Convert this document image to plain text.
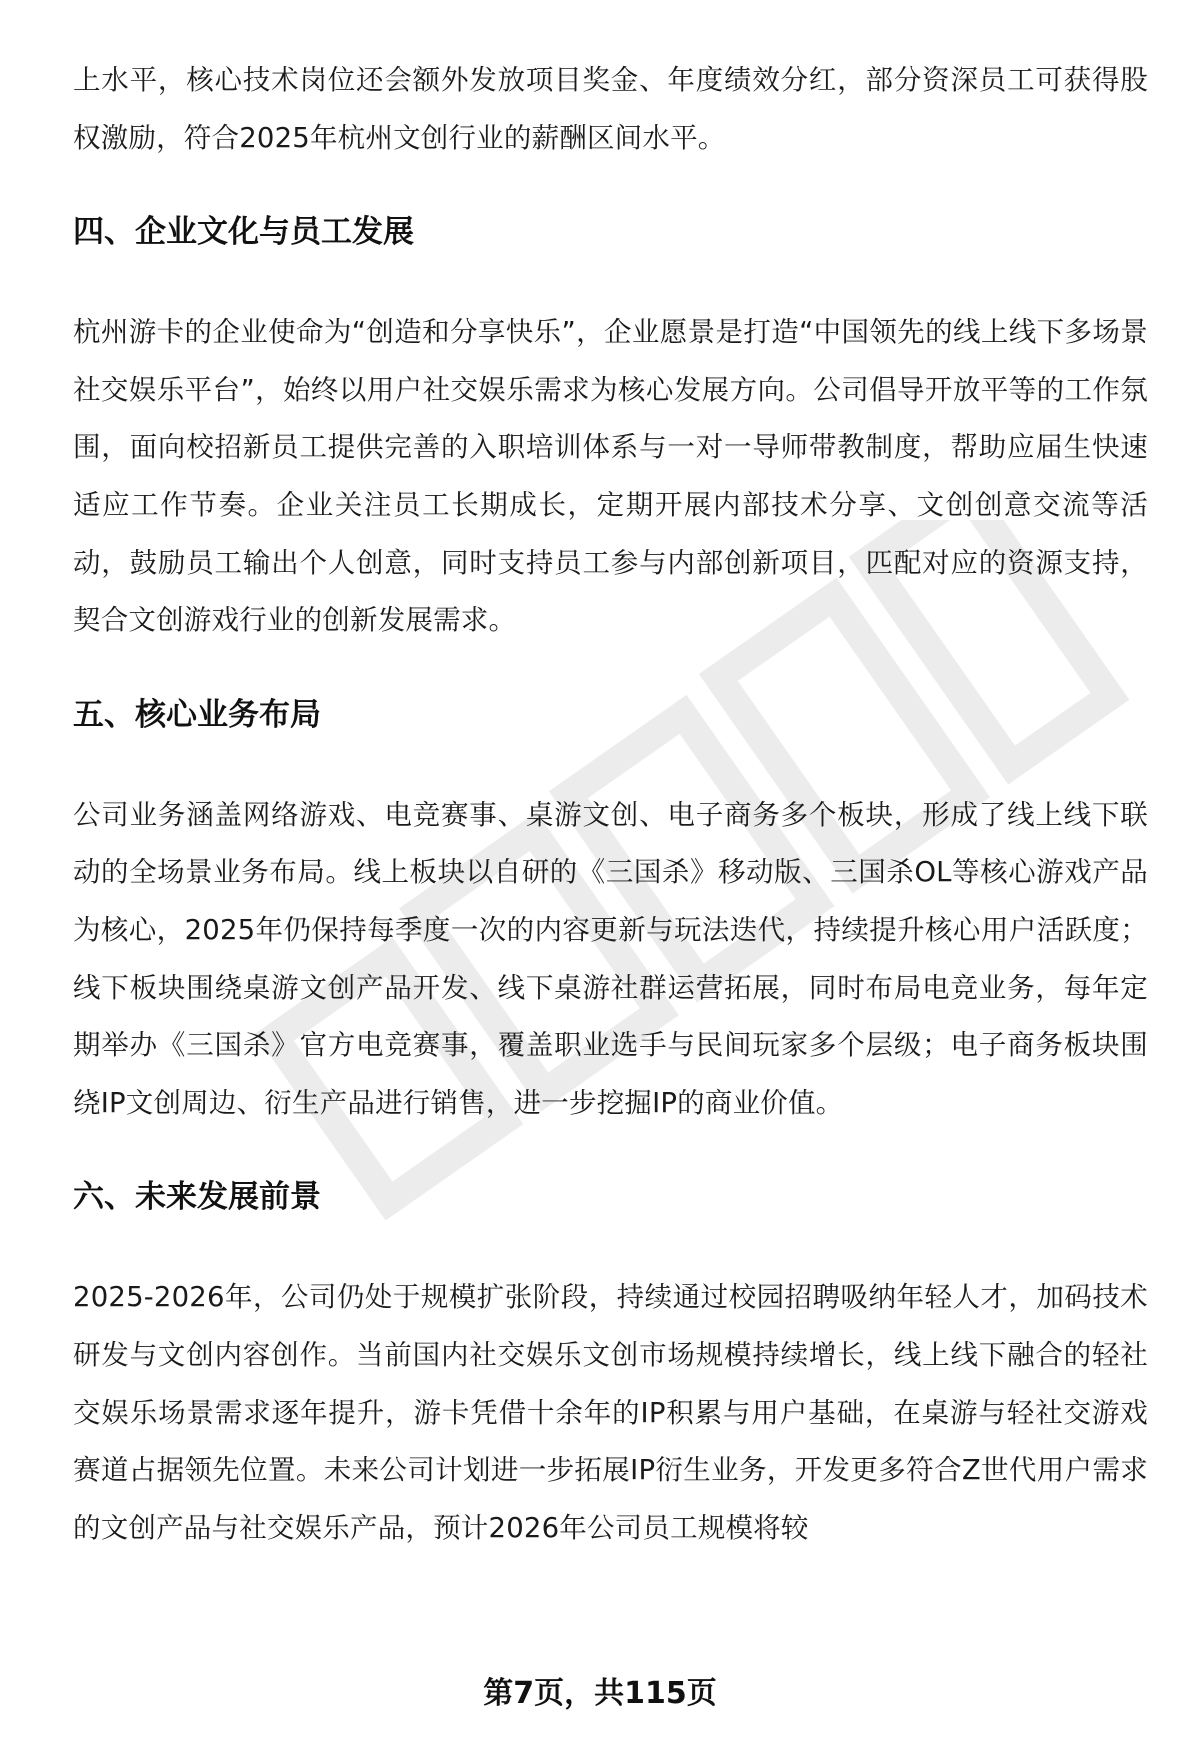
上水平，核心技术岗位还会额外发放项目奖金、年度绩效分红，部分资深员工可获得股权激励，符合2025年杭州文创行业的薪酬区间水平。

四、企业文化与员工发展

杭州游卡的企业使命为“创造和分享快乐”，企业愿景是打造“中国领先的线上线下多场景社交娱乐平台”，始终以用户社交娱乐需求为核心发展方向。公司倡导开放平等的工作氛围，面向校招新员工提供完善的入职培训体系与一对一导师带教制度，帮助应届生快速适应工作节奏。企业关注员工长期成长，定期开展内部技术分享、文创创意交流等活动，鼓励员工输出个人创意，同时支持员工参与内部创新项目，匹配对应的资源支持，契合文创游戏行业的创新发展需求。

五、核心业务布局

公司业务涵盖网络游戏、电竞赛事、桌游文创、电子商务多个板块，形成了线上线下联动的全场景业务布局。线上板块以自研的《三国杀》移动版、三国杀OL等核心游戏产品为核心，2025年仍保持每季度一次的内容更新与玩法迭代，持续提升核心用户活跃度；线下板块围绕桌游文创产品开发、线下桌游社群运营拓展，同时布局电竞业务，每年定期举办《三国杀》官方电竞赛事，覆盖职业选手与民间玩家多个层级；电子商务板块围绕IP文创周边、衍生产品进行销售，进一步挖掘IP的商业价值。

六、未来发展前景

2025-2026年，公司仍处于规模扩张阶段，持续通过校园招聘吸纳年轻人才，加码技术研发与文创内容创作。当前国内社交娱乐文创市场规模持续增长，线上线下融合的轻社交娱乐场景需求逐年提升，游卡凭借十余年的IP积累与用户基础，在桌游与轻社交游戏赛道占据领先位置。未来公司计划进一步拓展IP衍生业务，开发更多符合Z世代用户需求的文创产品与社交娱乐产品，预计2026年公司员工规模将较

第7页，共115页
